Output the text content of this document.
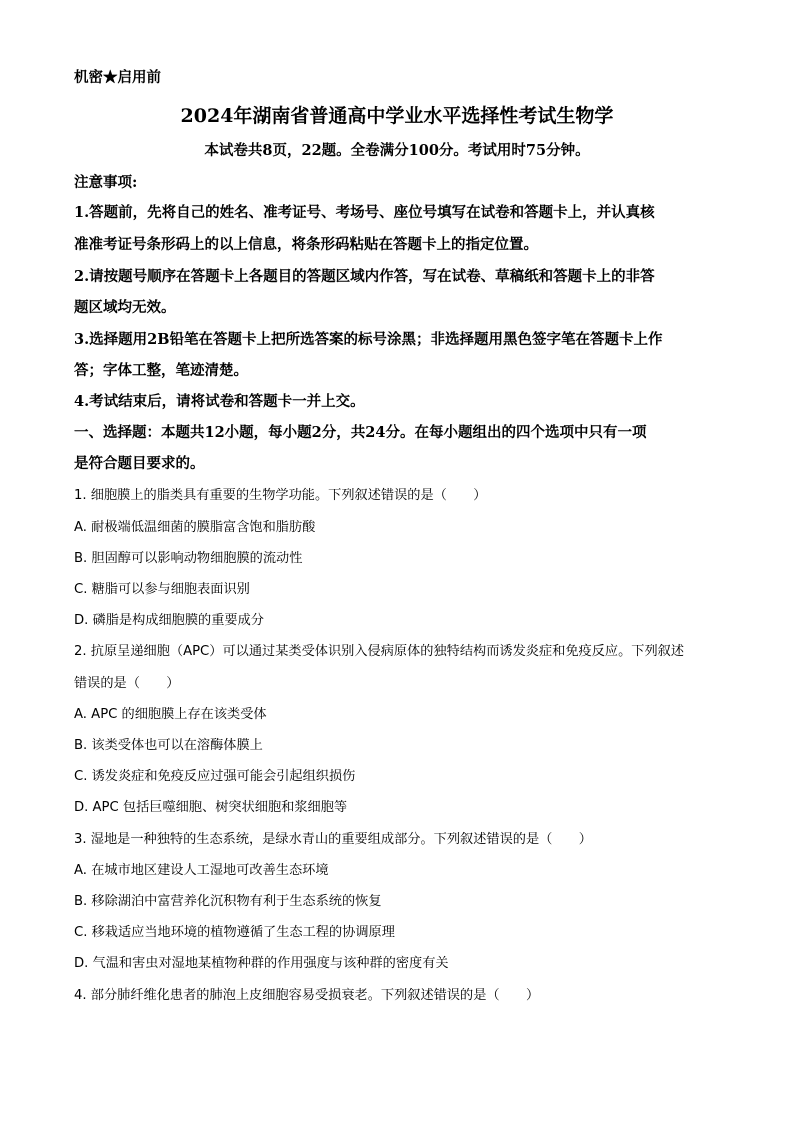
机密★启用前
2024年湖南省普通高中学业水平选择性考试生物学
本试卷共8页，22题。全卷满分100分。考试用时75分钟。
注意事项:
1.答题前，先将自己的姓名、准考证号、考场号、座位号填写在试卷和答题卡上，并认真核
准准考证号条形码上的以上信息，将条形码粘贴在答题卡上的指定位置。
2.请按题号顺序在答题卡上各题目的答题区域内作答，写在试卷、草稿纸和答题卡上的非答
题区域均无效。
3.选择题用2B铅笔在答题卡上把所选答案的标号涂黑；非选择题用黑色签字笔在答题卡上作
答；字体工整，笔迹清楚。
4.考试结束后，请将试卷和答题卡一并上交。
一、选择题：本题共12小题，每小题2分，共24分。在每小题组出的四个选项中只有一项
是符合题目要求的。
1. 细胞膜上的脂类具有重要的生物学功能。下列叙述错误的是（　　）
A. 耐极端低温细菌的膜脂富含饱和脂肪酸
B. 胆固醇可以影响动物细胞膜的流动性
C. 糖脂可以参与细胞表面识别
D. 磷脂是构成细胞膜的重要成分
2. 抗原呈递细胞（APC）可以通过某类受体识别入侵病原体的独特结构而诱发炎症和免疫反应。下列叙述
错误的是（　　）
A. APC 的细胞膜上存在该类受体
B. 该类受体也可以在溶酶体膜上
C. 诱发炎症和免疫反应过强可能会引起组织损伤
D. APC 包括巨噬细胞、树突状细胞和浆细胞等
3. 湿地是一种独特的生态系统，是绿水青山的重要组成部分。下列叙述错误的是（　　）
A. 在城市地区建设人工湿地可改善生态环境
B. 移除湖泊中富营养化沉积物有利于生态系统的恢复
C. 移栽适应当地环境的植物遵循了生态工程的协调原理
D. 气温和害虫对湿地某植物种群的作用强度与该种群的密度有关
4. 部分肺纤维化患者的肺泡上皮细胞容易受损衰老。下列叙述错误的是（　　）
